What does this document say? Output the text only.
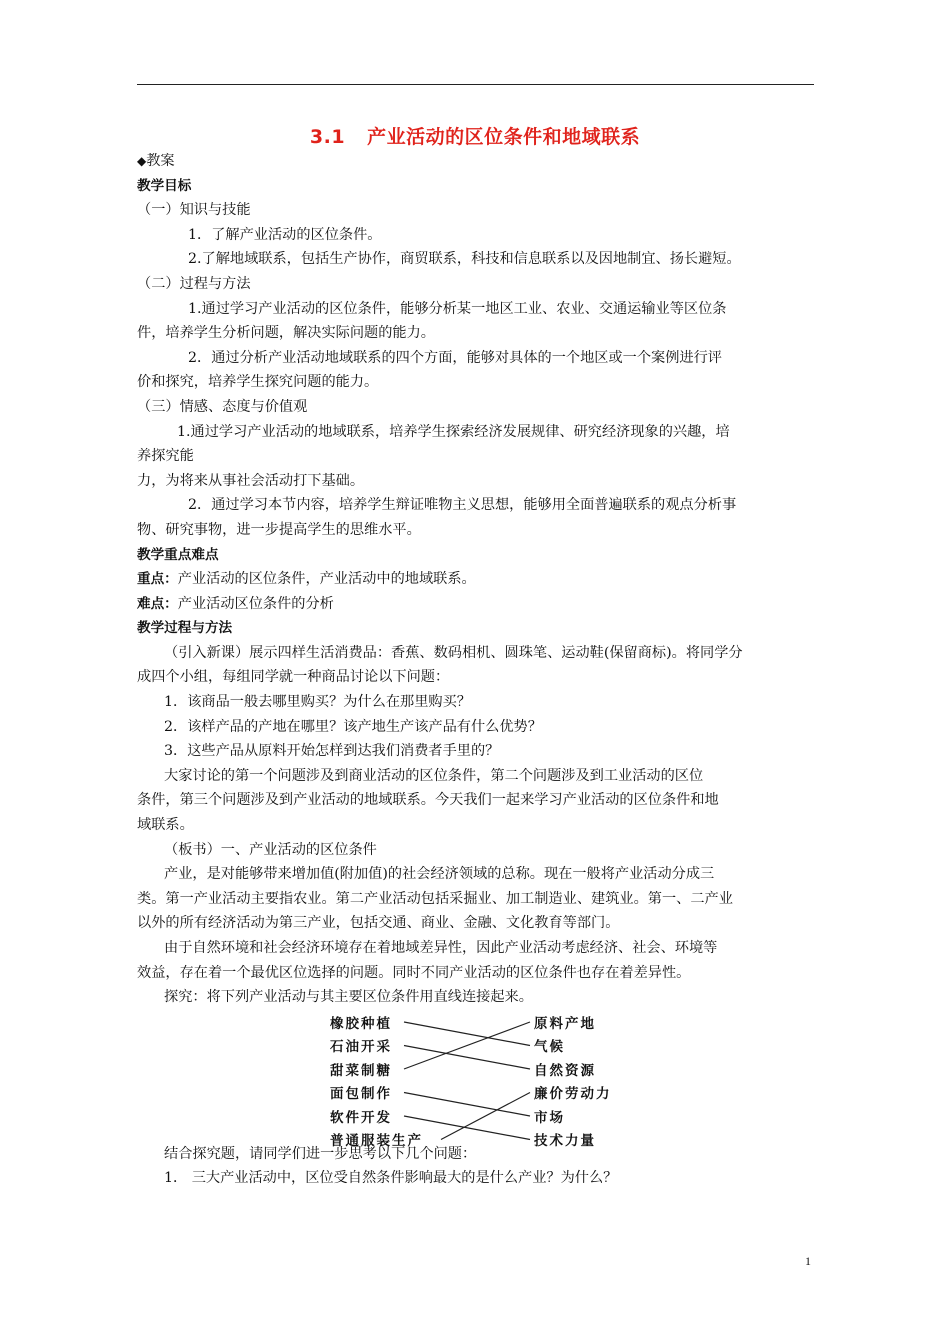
3.1 产业活动的区位条件和地域联系

◆教案

教学目标

（一）知识与技能

1．了解产业活动的区位条件。

2.了解地域联系，包括生产协作，商贸联系，科技和信息联系以及因地制宜、扬长避短。

（二）过程与方法

1.通过学习产业活动的区位条件，能够分析某一地区工业、农业、交通运输业等区位条

件，培养学生分析问题，解决实际问题的能力。

2．通过分析产业活动地域联系的四个方面，能够对具体的一个地区或一个案例进行评

价和探究，培养学生探究问题的能力。

（三）情感、态度与价值观

1.通过学习产业活动的地域联系，培养学生探索经济发展规律、研究经济现象的兴趣，培

养探究能

力，为将来从事社会活动打下基础。

2．通过学习本节内容，培养学生辩证唯物主义思想，能够用全面普遍联系的观点分析事

物、研究事物，进一步提高学生的思维水平。

教学重点难点

重点：产业活动的区位条件，产业活动中的地域联系。

难点：产业活动区位条件的分析

教学过程与方法

（引入新课）展示四样生活消费品：香蕉、数码相机、圆珠笔、运动鞋(保留商标)。将同学分

成四个小组，每组同学就一种商品讨论以下问题：

1．该商品一般去哪里购买？为什么在那里购买？

2．该样产品的产地在哪里？该产地生产该产品有什么优势？

3．这些产品从原料开始怎样到达我们消费者手里的？

大家讨论的第一个问题涉及到商业活动的区位条件，第二个问题涉及到工业活动的区位

条件，第三个问题涉及到产业活动的地域联系。今天我们一起来学习产业活动的区位条件和地

域联系。

（板书）一、产业活动的区位条件

产业，是对能够带来增加值(附加值)的社会经济领域的总称。现在一般将产业活动分成三

类。第一产业活动主要指农业。第二产业活动包括采掘业、加工制造业、建筑业。第一、二产业

以外的所有经济活动为第三产业，包括交通、商业、金融、文化教育等部门。

由于自然环境和社会经济环境存在着地域差异性，因此产业活动考虑经济、社会、环境等

效益，存在着一个最优区位选择的问题。同时不同产业活动的区位条件也存在着差异性。

探究：将下列产业活动与其主要区位条件用直线连接起来。

橡胶种植
石油开采
甜菜制糖
面包制作
软件开发
普通服装生产
原料产地
气候
自然资源
廉价劳动力
市场
技术力量

结合探究题，请同学们进一步思考以下几个问题：

1． 三大产业活动中，区位受自然条件影响最大的是什么产业？为什么？

1
